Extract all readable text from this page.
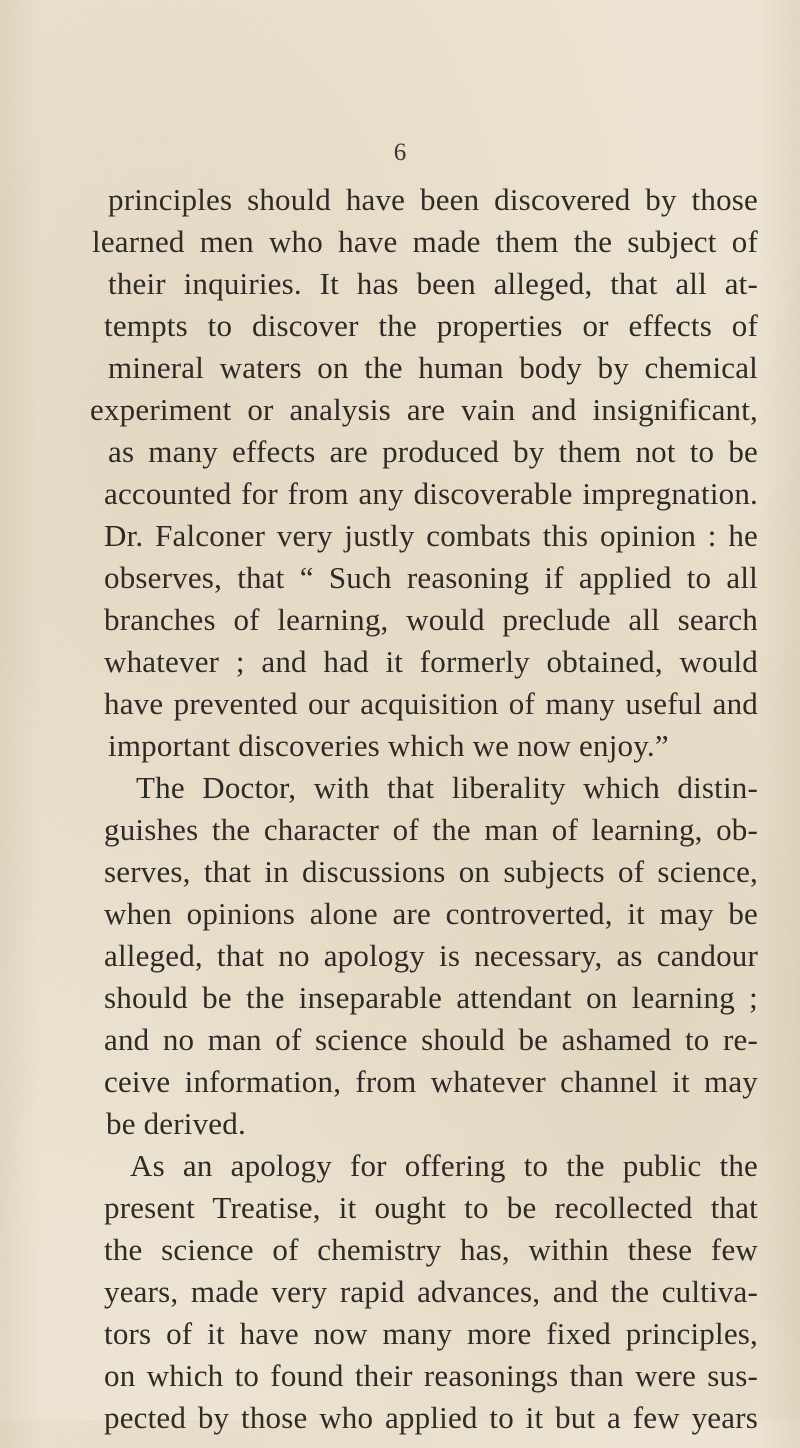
6
principles should have been discovered by those
learned men who have made them the subject of
their inquiries. It has been alleged, that all at-
tempts to discover the properties or effects of
mineral waters on the human body by chemical
experiment or analysis are vain and insignificant,
as many effects are produced by them not to be
accounted for from any discoverable impregnation.
Dr. Falconer very justly combats this opinion : he
observes, that “ Such reasoning if applied to all
branches of learning, would preclude all search
whatever ; and had it formerly obtained, would
have prevented our acquisition of many useful and
important discoveries which we now enjoy.”
The Doctor, with that liberality which distin-
guishes the character of the man of learning, ob-
serves, that in discussions on subjects of science,
when opinions alone are controverted, it may be
alleged, that no apology is necessary, as candour
should be the inseparable attendant on learning ;
and no man of science should be ashamed to re-
ceive information, from whatever channel it may
be derived.
As an apology for offering to the public the
present Treatise, it ought to be recollected that
the science of chemistry has, within these few
years, made very rapid advances, and the cultiva-
tors of it have now many more fixed principles,
on which to found their reasonings than were sus-
pected by those who applied to it but a few years
